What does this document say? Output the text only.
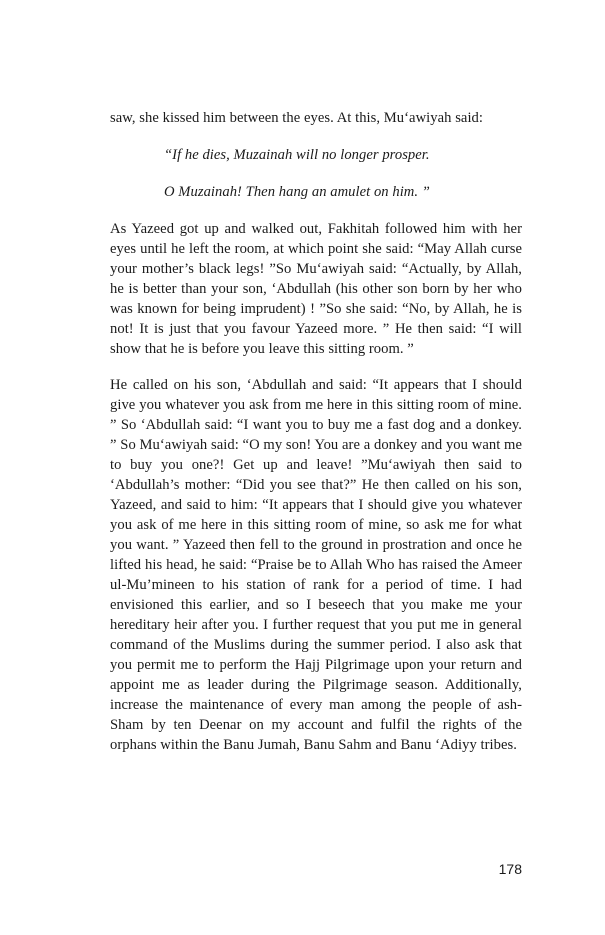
saw, she kissed him between the eyes. At this, Mu‘awiyah said:

“If he dies, Muzainah will no longer prosper.

O Muzainah! Then hang an amulet on him. ”

As Yazeed got up and walked out, Fakhitah followed him with her eyes until he left the room, at which point she said: “May Allah curse your mother’s black legs! ”So Mu‘awiyah said: “Actually, by Allah, he is better than your son, ‘Abdullah (his other son born by her who was known for being imprudent) ! ”So she said: “No, by Allah, he is not! It is just that you favour Yazeed more. ” He then said: “I will show that he is before you leave this sitting room. ”

He called on his son, ‘Abdullah and said: “It appears that I should give you whatever you ask from me here in this sitting room of mine. ” So ‘Abdullah said: “I want you to buy me a fast dog and a donkey. ” So Mu‘awiyah said: “O my son! You are a donkey and you want me to buy you one?! Get up and leave! ”Mu‘awiyah then said to ‘Abdullah’s mother: “Did you see that?” He then called on his son, Yazeed, and said to him: “It appears that I should give you whatever you ask of me here in this sitting room of mine, so ask me for what you want. ” Yazeed then fell to the ground in prostration and once he lifted his head, he said: “Praise be to Allah Who has raised the Ameer ul-Mu’mineen to his station of rank for a period of time. I had envisioned this earlier, and so I beseech that you make me your hereditary heir after you. I further request that you put me in general command of the Muslims during the summer period. I also ask that you permit me to perform the Hajj Pilgrimage upon your return and appoint me as leader during the Pilgrimage season. Additionally, increase the maintenance of every man among the people of ash-Sham by ten Deenar on my account and fulfil the rights of the orphans within the Banu Jumah, Banu Sahm and Banu ‘Adiyy tribes.

178
